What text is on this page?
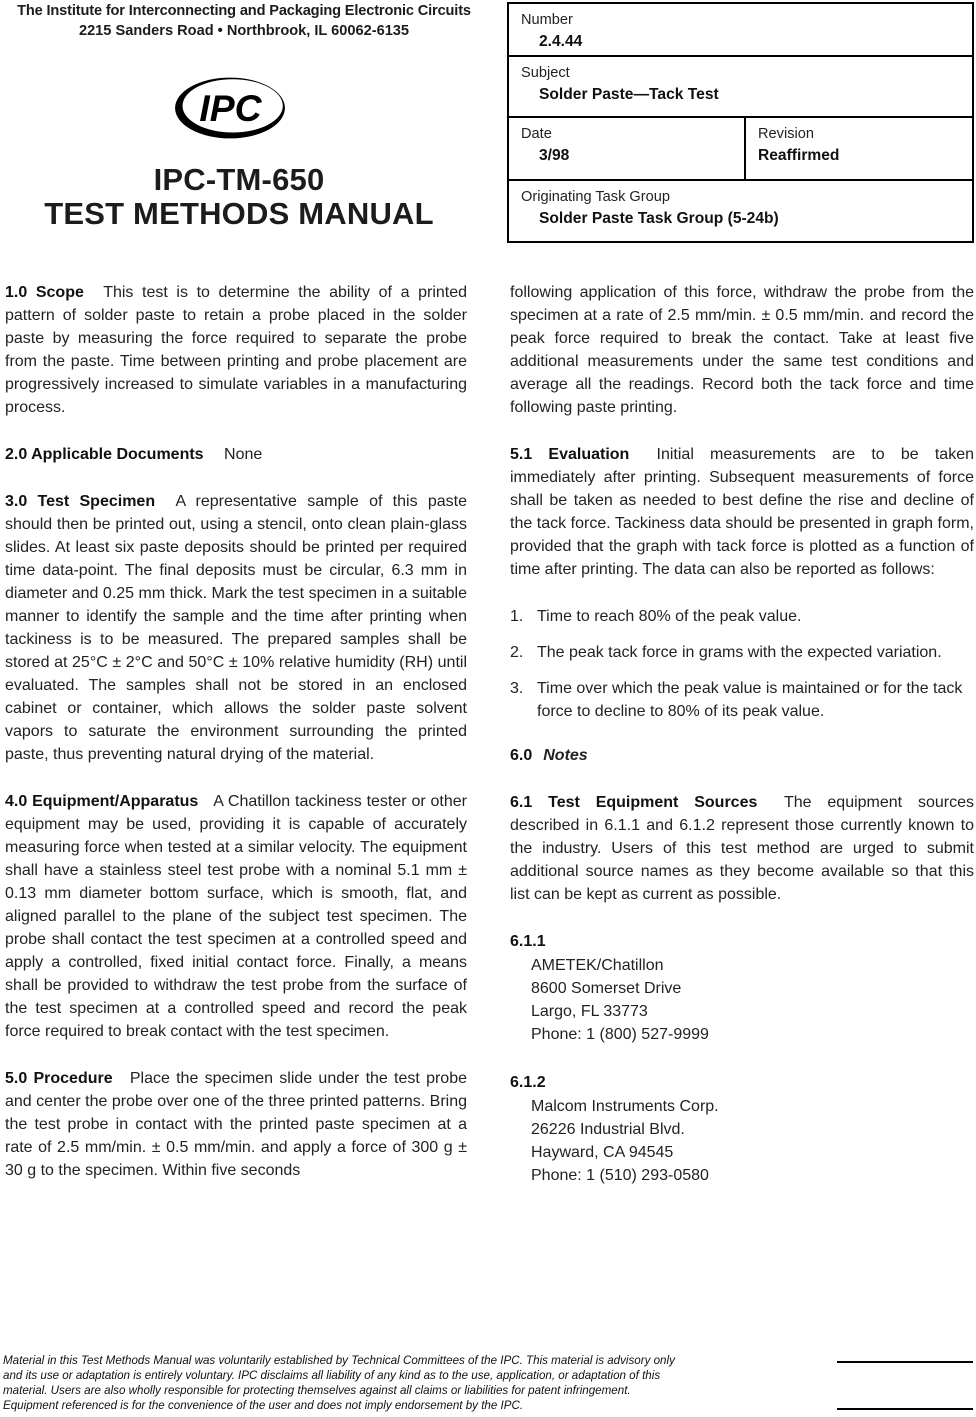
The Institute for Interconnecting and Packaging Electronic Circuits
2215 Sanders Road • Northbrook, IL 60062-6135
IPC
IPC-TM-650
TEST METHODS MANUAL
Number
2.4.44
Subject
Solder Paste—Tack Test
Date
3/98
Revision
Reaffirmed
Originating Task Group
Solder Paste Task Group (5-24b)

1.0 Scope This test is to determine the ability of a printed pattern of solder paste to retain a probe placed in the solder paste by measuring the force required to separate the probe from the paste. Time between printing and probe placement are progressively increased to simulate variables in a manufacturing process.

2.0 Applicable Documents None

3.0 Test Specimen A representative sample of this paste should then be printed out, using a stencil, onto clean plain-glass slides. At least six paste deposits should be printed per required time data-point. The final deposits must be circular, 6.3 mm in diameter and 0.25 mm thick. Mark the test specimen in a suitable manner to identify the sample and the time after printing when tackiness is to be measured. The prepared samples shall be stored at 25°C ± 2°C and 50°C ± 10% relative humidity (RH) until evaluated. The samples shall not be stored in an enclosed cabinet or container, which allows the solder paste solvent vapors to saturate the environment surrounding the printed paste, thus preventing natural drying of the material.

4.0 Equipment/Apparatus A Chatillon tackiness tester or other equipment may be used, providing it is capable of accurately measuring force when tested at a similar velocity. The equipment shall have a stainless steel test probe with a nominal 5.1 mm ± 0.13 mm diameter bottom surface, which is smooth, flat, and aligned parallel to the plane of the subject test specimen. The probe shall contact the test specimen at a controlled speed and apply a controlled, fixed initial contact force. Finally, a means shall be provided to withdraw the test probe from the surface of the test specimen at a controlled speed and record the peak force required to break contact with the test specimen.

5.0 Procedure Place the specimen slide under the test probe and center the probe over one of the three printed patterns. Bring the test probe in contact with the printed paste specimen at a rate of 2.5 mm/min. ± 0.5 mm/min. and apply a force of 300 g ± 30 g to the specimen. Within five seconds

following application of this force, withdraw the probe from the specimen at a rate of 2.5 mm/min. ± 0.5 mm/min. and record the peak force required to break the contact. Take at least five additional measurements under the same test conditions and average all the readings. Record both the tack force and time following paste printing.

5.1 Evaluation Initial measurements are to be taken immediately after printing. Subsequent measurements of force shall be taken as needed to best define the rise and decline of the tack force. Tackiness data should be presented in graph form, provided that the graph with tack force is plotted as a function of time after printing. The data can also be reported as follows:

1. Time to reach 80% of the peak value.
2. The peak tack force in grams with the expected variation.
3. Time over which the peak value is maintained or for the tack force to decline to 80% of its peak value.

6.0 Notes

6.1 Test Equipment Sources The equipment sources described in 6.1.1 and 6.1.2 represent those currently known to the industry. Users of this test method are urged to submit additional source names as they become available so that this list can be kept as current as possible.

6.1.1
AMETEK/Chatillon
8600 Somerset Drive
Largo, FL 33773
Phone: 1 (800) 527-9999
6.1.2
Malcom Instruments Corp.
26226 Industrial Blvd.
Hayward, CA 94545
Phone: 1 (510) 293-0580
Material in this Test Methods Manual was voluntarily established by Technical Committees of the IPC. This material is advisory only
and its use or adaptation is entirely voluntary. IPC disclaims all liability of any kind as to the use, application, or adaptation of this
material. Users are also wholly responsible for protecting themselves against all claims or liabilities for patent infringement.
Equipment referenced is for the convenience of the user and does not imply endorsement by the IPC.
